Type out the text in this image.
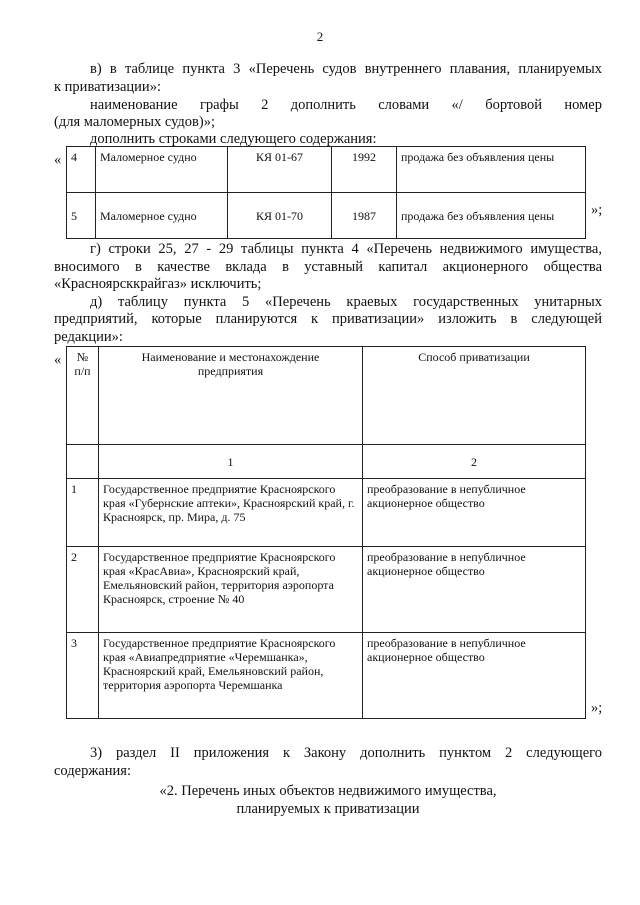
2
в) в таблице пункта 3 «Перечень судов внутреннего плавания, планируемых
к приватизации»:
наименование графы 2 дополнить словами «/ бортовой номер
(для маломерных судов)»;
дополнить строками следующего содержания:
« 4	Маломерное судно	КЯ 01-67	1992	продажа без объявления цены
5	Маломерное судно	КЯ 01-70	1987	продажа без объявления цены	»;
г) строки 25, 27 - 29 таблицы пункта 4 «Перечень недвижимого имущества,
вносимого в качестве вклада в уставный капитал акционерного общества
«Красноярсккрайгаз» исключить;
д) таблицу пункта 5 «Перечень краевых государственных унитарных
предприятий, которые планируются к приватизации» изложить в следующей
редакции»:
« № п/п	Наименование и местонахождение предприятия	Способ приватизации
	1	2
1	Государственное предприятие Красноярского края «Губернские аптеки», Красноярский край, г. Красноярск, пр. Мира, д. 75	преобразование в непубличное акционерное общество
2	Государственное предприятие Красноярского края «КрасАвиа», Красноярский край, Емельяновский район, территория аэропорта Красноярск, строение № 40	преобразование в непубличное акционерное общество
3	Государственное предприятие Красноярского края «Авиапредприятие «Черемшанка», Красноярский край, Емельяновский район, территория аэропорта Черемшанка	преобразование в непубличное акционерное общество
»;
3) раздел II приложения к Закону дополнить пунктом 2 следующего
содержания:
«2. Перечень иных объектов недвижимого имущества,
планируемых к приватизации
